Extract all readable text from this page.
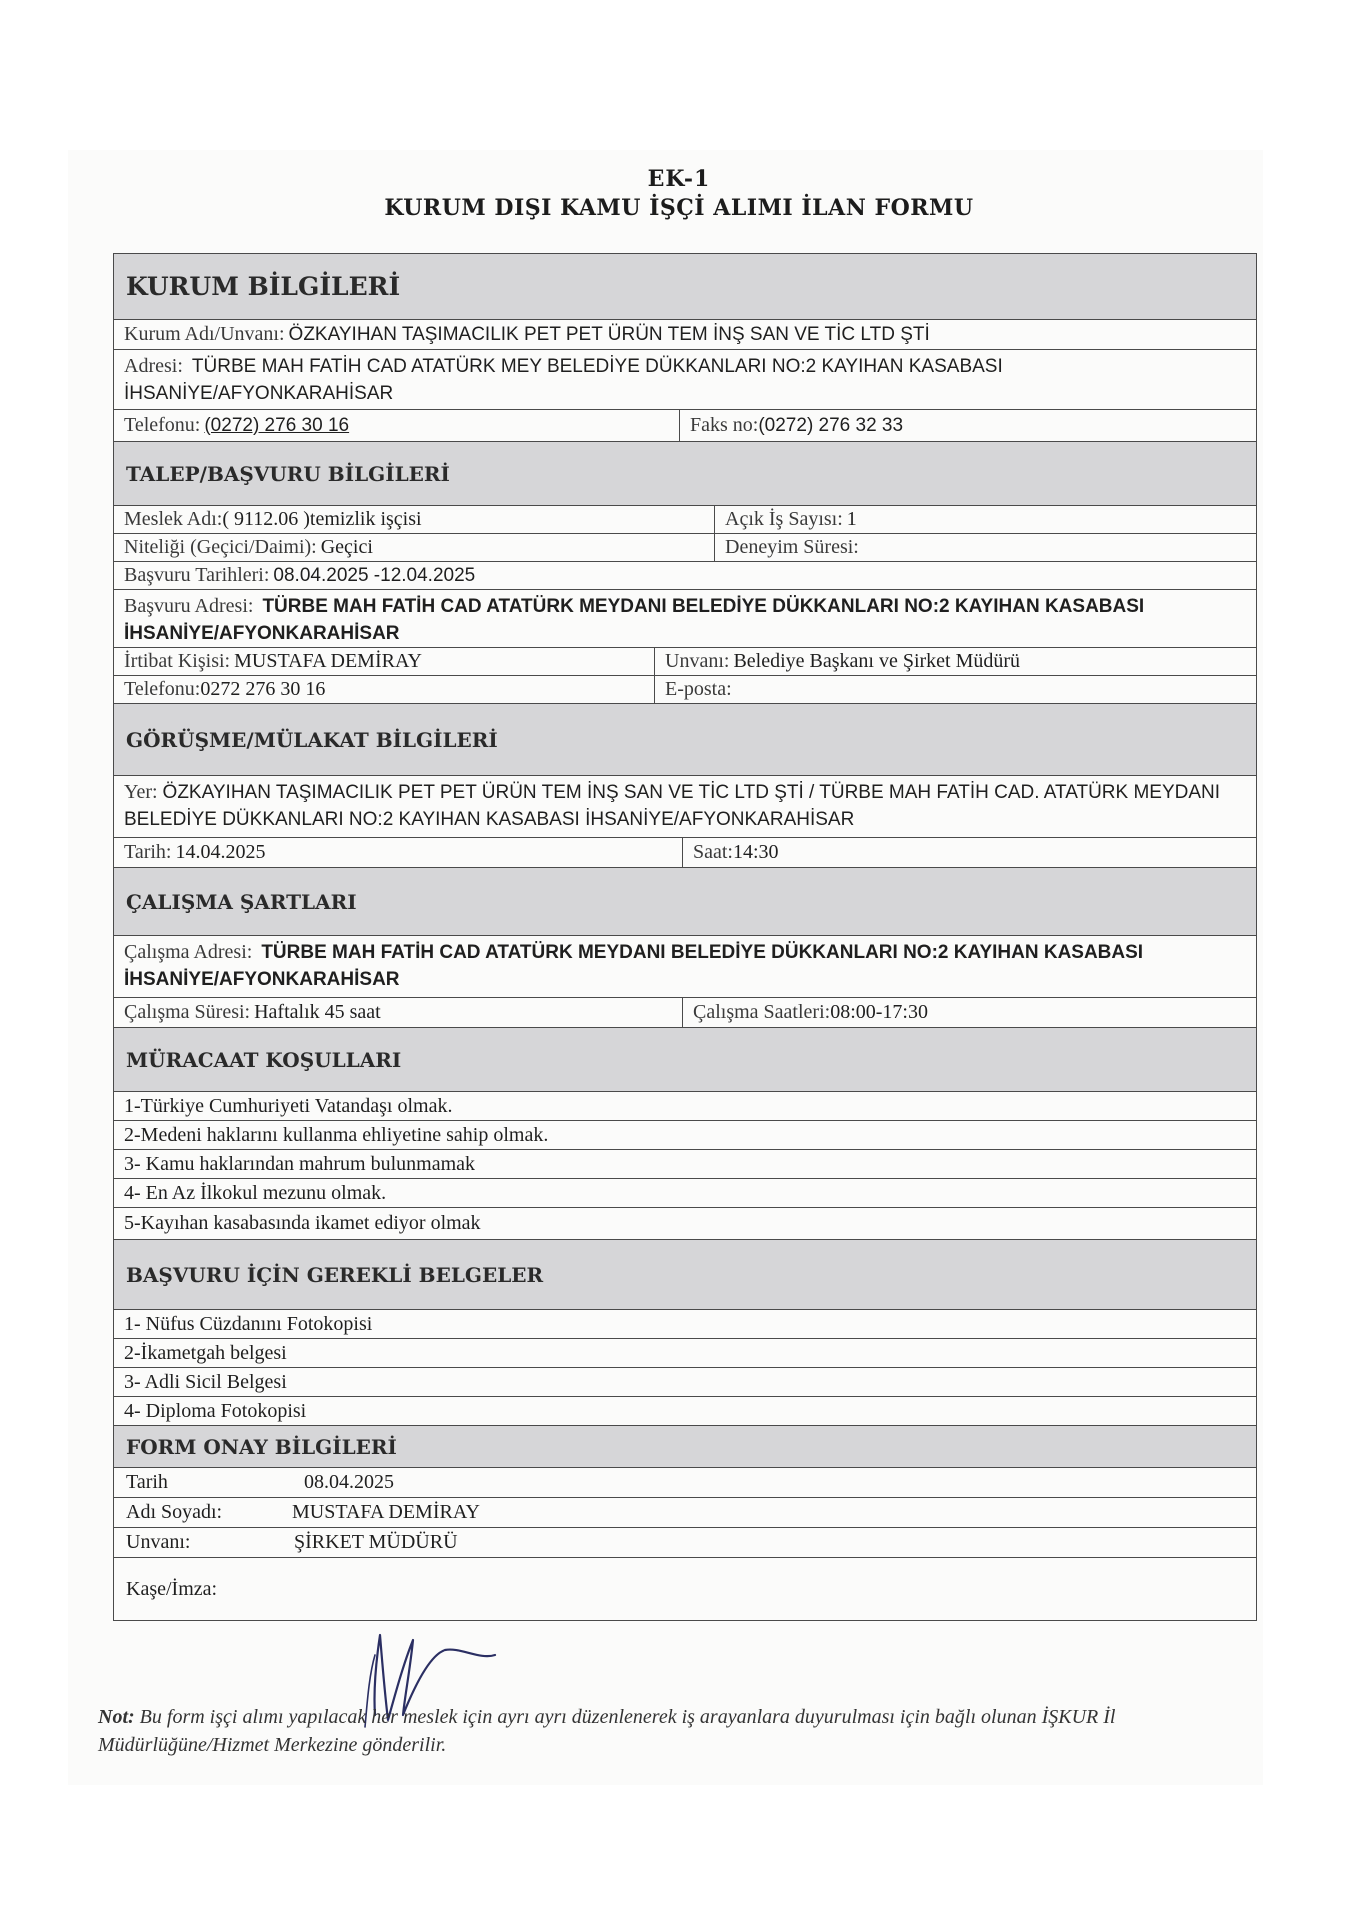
EK-1
KURUM DIŞI KAMU İŞÇİ ALIMI İLAN FORMU
KURUM BİLGİLERİ
Kurum Adı/Unvanı: ÖZKAYIHAN TAŞIMACILIK PET PET ÜRÜN TEM İNŞ SAN VE TİC LTD ŞTİ
Adresi: TÜRBE MAH FATİH CAD ATATÜRK MEY BELEDİYE DÜKKANLARI NO:2 KAYIHAN KASABASI İHSANİYE/AFYONKARAHİSAR
Telefonu: (0272) 276 30 16	Faks no: (0272) 276 32 33
TALEP/BAŞVURU BİLGİLERİ
Meslek Adı: ( 9112.06 )temizlik işçisi	Açık İş Sayısı: 1
Niteliği (Geçici/Daimi): Geçici	Deneyim Süresi:
Başvuru Tarihleri: 08.04.2025 -12.04.2025
Başvuru Adresi: TÜRBE MAH FATİH CAD ATATÜRK MEYDANI BELEDİYE DÜKKANLARI NO:2 KAYIHAN KASABASI İHSANİYE/AFYONKARAHİSAR
İrtibat Kişisi: MUSTAFA DEMİRAY	Unvanı: Belediye Başkanı ve Şirket Müdürü
Telefonu: 0272 276 30 16	E-posta:
GÖRÜŞME/MÜLAKAT BİLGİLERİ
Yer: ÖZKAYIHAN TAŞIMACILIK PET PET ÜRÜN TEM İNŞ SAN VE TİC LTD ŞTİ / TÜRBE MAH FATİH CAD. ATATÜRK MEYDANI BELEDİYE DÜKKANLARI NO:2 KAYIHAN KASABASI İHSANİYE/AFYONKARAHİSAR
Tarih: 14.04.2025	Saat: 14:30
ÇALIŞMA ŞARTLARI
Çalışma Adresi: TÜRBE MAH FATİH CAD ATATÜRK MEYDANI BELEDİYE DÜKKANLARI NO:2 KAYIHAN KASABASI İHSANİYE/AFYONKARAHİSAR
Çalışma Süresi: Haftalık 45 saat	Çalışma Saatleri: 08:00-17:30
MÜRACAAT KOŞULLARI
1-Türkiye Cumhuriyeti Vatandaşı olmak.
2-Medeni haklarını kullanma ehliyetine sahip olmak.
3- Kamu haklarından mahrum bulunmamak
4- En Az İlkokul mezunu olmak.
5-Kayıhan kasabasında ikamet ediyor olmak
BAŞVURU İÇİN GEREKLİ BELGELER
1- Nüfus Cüzdanını Fotokopisi
2-İkametgah belgesi
3- Adli Sicil Belgesi
4- Diploma Fotokopisi
FORM ONAY BİLGİLERİ
Tarih	08.04.2025
Adı Soyadı:	MUSTAFA DEMİRAY
Unvanı:	ŞİRKET MÜDÜRÜ
Kaşe/İmza:
Not: Bu form işçi alımı yapılacak her meslek için ayrı ayrı düzenlenerek iş arayanlara duyurulması için bağlı olunan İŞKUR İl Müdürlüğüne/Hizmet Merkezine gönderilir.
